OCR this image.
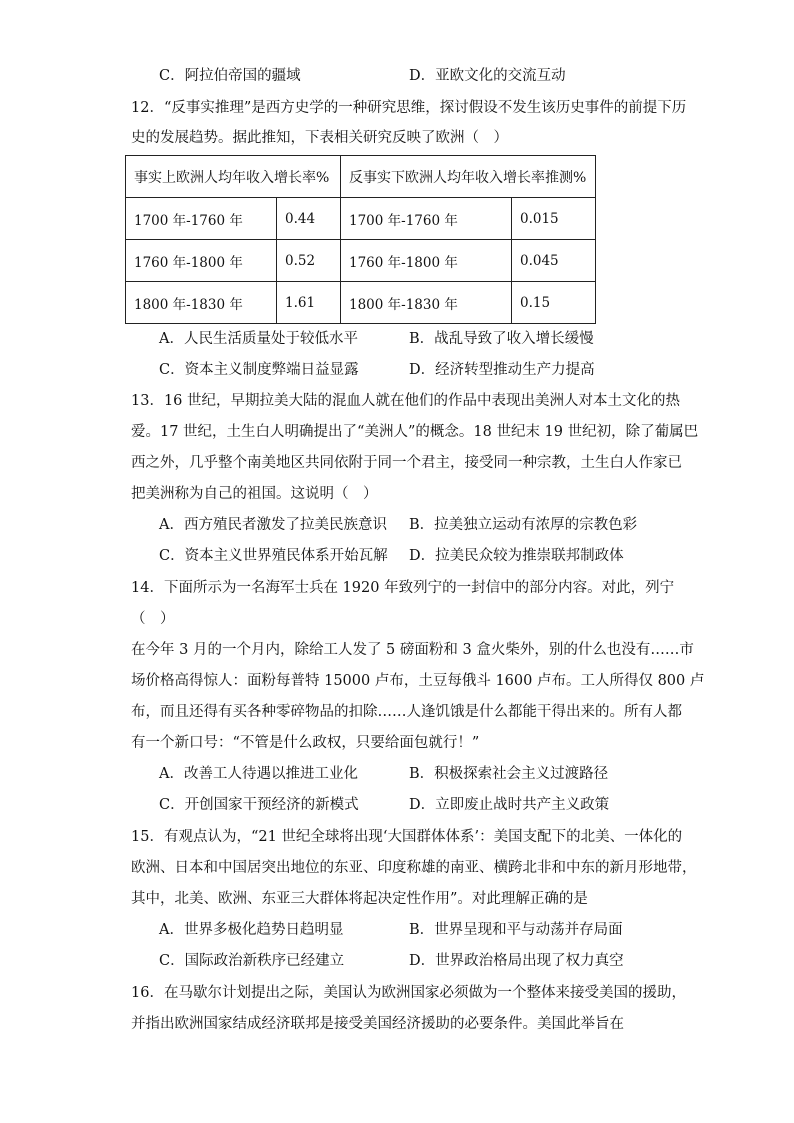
C．阿拉伯帝国的疆域	D．亚欧文化的交流互动
12．“反事实推理”是西方史学的一种研究思维，探讨假设不发生该历史事件的前提下历
史的发展趋势。据此推知，下表相关研究反映了欧洲（　）
事实上欧洲人均年收入增长率%		反事实下欧洲人均年收入增长率推测%	
1700 年-1760 年	0.44	1700 年-1760 年	0.015
1760 年-1800 年	0.52	1760 年-1800 年	0.045
1800 年-1830 年	1.61	1800 年-1830 年	0.15
A．人民生活质量处于较低水平	B．战乱导致了收入增长缓慢
C．资本主义制度弊端日益显露	D．经济转型推动生产力提高
13．16 世纪，早期拉美大陆的混血人就在他们的作品中表现出美洲人对本土文化的热
爱。17 世纪，土生白人明确提出了“美洲人”的概念。18 世纪末 19 世纪初，除了葡属巴
西之外，几乎整个南美地区共同依附于同一个君主，接受同一种宗教，土生白人作家已
把美洲称为自己的祖国。这说明（　）
A．西方殖民者激发了拉美民族意识 B．拉美独立运动有浓厚的宗教色彩
C．资本主义世界殖民体系开始瓦解 D．拉美民众较为推崇联邦制政体
14．下面所示为一名海军士兵在 1920 年致列宁的一封信中的部分内容。对此，列宁
（　）
在今年 3 月的一个月内，除给工人发了 5 磅面粉和 3 盒火柴外，别的什么也没有……市
场价格高得惊人：面粉每普特 15000 卢布，土豆每俄斗 1600 卢布。工人所得仅 800 卢
布，而且还得有买各种零碎物品的扣除……人逢饥饿是什么都能干得出来的。所有人都
有一个新口号：“不管是什么政权，只要给面包就行！”
A．改善工人待遇以推进工业化	B．积极探索社会主义过渡路径
C．开创国家干预经济的新模式	D．立即废止战时共产主义政策
15．有观点认为，“21 世纪全球将出现‘大国群体体系’：美国支配下的北美、一体化的
欧洲、日本和中国居突出地位的东亚、印度称雄的南亚、横跨北非和中东的新月形地带，
其中，北美、欧洲、东亚三大群体将起决定性作用”。对此理解正确的是
A．世界多极化趋势日趋明显	B．世界呈现和平与动荡并存局面
C．国际政治新秩序已经建立	D．世界政治格局出现了权力真空
16．在马歇尔计划提出之际，美国认为欧洲国家必须做为一个整体来接受美国的援助，
并指出欧洲国家结成经济联邦是接受美国经济援助的必要条件。美国此举旨在
